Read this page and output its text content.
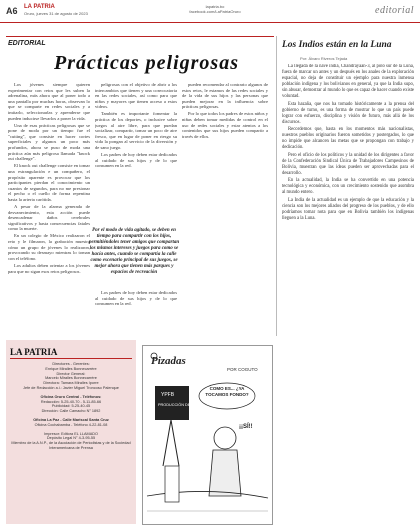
A6 LA PATRIA
Oruro, jueves 31 de agosto de 2023
lapatria.bo
facebook.com/LaPatriaOruro	editorial
EDITORIAL
Prácticas peligrosas

Los jóvenes siempre quieren experimentar con retos que les suben la adrenalina, más ahora que al poner todo a una pantalla por muchas horas, observan lo que se comparte en redes sociales y a imitarlo, seleccionarlas y aprenderse que pueden inducirse llevarlos a poner la vida.

Una de esas prácticas peligrosas que se pone de moda por un tiempo fue el "cutting", que consiste en hacer cortes superficiales y algunos un poco más profundos, ahora se puso de moda una práctica aún más peligrosa llamada "knock out challenge".

El knock out challenge consiste en tomar una estrangulación e un compañero, el propósito aparente es provocar que los participantes pierdan el conocimiento un cuantos de segundos, para no me presionar el pecho o el cuello de forma repentina hasta la arteria carótida.

A pesar de la alarma generada de desvanecimiento, esta acción puede desencadenar daños cerebrales significativos y hasta consecuencias fatales como la muerte.

En un colegio de México realizaron el reto y le filmaron, la grabación muestra cómo un grupo de jóvenes lo realizaron, provocando su desmayo mientras lo toman con el teléfono.

Los adultos deben orientar a los jóvenes para que no sigan esos retos peligrosos.

peligrosas con el objetivo de abrir a los intercambios que tienen y una convocatoria en las redes sociales, así como para que niños y mayores que tienen acceso a estos videos.

También es importante fomentar la práctica de los deportes, o inclusive sobre juegos al aire libre, para que puedan socializar, compartir, tomar un poco de aire fresco, que en lugar de poner en riesgo su vida la pongan al servicio de la diversión y de sano juego.

Los padres de hoy deben estar dedicados al cuidado de sus hijos y de lo que consumen en la red.

pueden recomendar al contrario algunos de estos retos, le estamos de las redes sociales y de la vida de sus hijos y las personas que pueden mejorar en la influencia sobre prácticas peligrosas.

Por lo que todos los padres de estos niños y niñas deben tomar medidas de control en el uso de redes sociales y estar atentos a los contenidos que sus hijos pueden compartir a través de ellos.

Por el modo de vida agitado, se deben en tiempo para compartir con los hijos, permitiéndoles tener amigos que compartan los mismos intereses y juegos para como se hacía antes, cuando se compartía la calle como escenario principal de sus juegos, se mejor ahora que tienen más parques y espacios de recreación

Los padres de hoy deben estar dedicados al cuidado de sus hijos y de lo que consumen en la red.

Los Indios están en la Luna
Por: Álvaro Riveros Tejada

La llegada de la nave india, Chandrayaan-3, al polo sur de la Luna, fuera de marcar un antes y un después en los anales de la exploración espacial, no deja de constituir un ejemplo para nuestra inmensa población indígena y los bolivianos en general, ya que la India supo, sin abusar, demostrar al mundo lo que es capaz de hacer cuando existe voluntad.

Esta hazaña, que nos ha tomado históricamente a la prensa del gobierno de turno, es una forma de mostrar lo que un país puede lograr con esfuerzo, disciplina y visión de futuro, más allá de los discursos.

Recordemos que, hasta en los momentos más nacionalistas, nuestros pueblos originarios fueron sometidos y postergados, lo que no impide que alcancen las metas que se propongan con trabajo y dedicación.

Pero el oficio de los políticos y la unidad de los dirigentes a favor de la Confederación Sindical Única de Trabajadores Campesinos de Bolivia, muestran que las ideas pueden ser aprovechadas para el desarrollo.

En la actualidad, la India se ha convertido en una potencia tecnológica y económica, con un crecimiento sostenido que asombra al mundo entero.

La India de la actualidad es un ejemplo de que la educación y la ciencia son los mejores aliados del progreso de los pueblos, y de ello podríamos tomar nota para que en Bolivia también los indígenas lleguen a la Luna.

LA PATRIA
Directores - Gerentes:
Enrique Miralles Bonnecarrère
Director General:
Marcelo Miralles Bonnecarrère
Directora: Tamara Miralles Iporre
Jefe de Redacción a.i.: Javier Miguel Troncoso Palenque
Oficina Oruro Central - Teléfonos:
Redacción: 5-25-40-70 - 5-11-85-66
Publicidad: 5-25-40-45
Dirección: Calle Camacho N° 1892
Oficina La Paz - Calle Mariscal Santa Cruz
Oficina Cochabamba - Teléfono 4-22-81-08
Impresor: Editora EL LLAMADO
Depósito Legal N° 4-3-95-55
Miembro de la A.N.P., de la Asociación de Periodistas y de la Sociedad Interamericana de Prensa
Pizadas
POR COGUTO
YPFB
PRODUCCIÓN DE GAS
COMO ES... ¿YA TOCAMOS FONDO?
¡¡SÍ!!
